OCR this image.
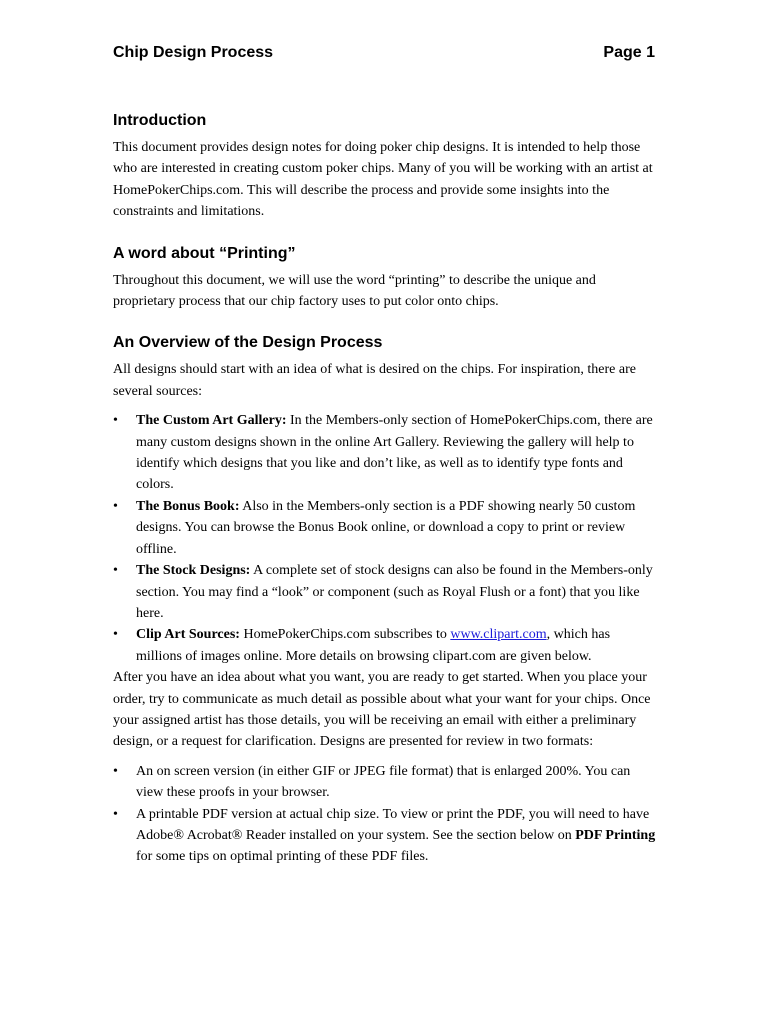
Chip Design Process	Page 1
Introduction

This document provides design notes for doing poker chip designs. It is intended to help those who are interested in creating custom poker chips. Many of you will be working with an artist at HomePokerChips.com. This will describe the process and provide some insights into the constraints and limitations.

A word about “Printing”

Throughout this document, we will use the word “printing” to describe the unique and proprietary process that our chip factory uses to put color onto chips.

An Overview of the Design Process

All designs should start with an idea of what is desired on the chips. For inspiration, there are several sources:

• The Custom Art Gallery: In the Members-only section of HomePokerChips.com, there are many custom designs shown in the online Art Gallery. Reviewing the gallery will help to identify which designs that you like and don’t like, as well as to identify type fonts and colors.
• The Bonus Book: Also in the Members-only section is a PDF showing nearly 50 custom designs. You can browse the Bonus Book online, or download a copy to print or review offline.
• The Stock Designs: A complete set of stock designs can also be found in the Members-only section. You may find a “look” or component (such as Royal Flush or a font) that you like here.
• Clip Art Sources: HomePokerChips.com subscribes to www.clipart.com, which has millions of images online. More details on browsing clipart.com are given below.

After you have an idea about what you want, you are ready to get started. When you place your order, try to communicate as much detail as possible about what your want for your chips. Once your assigned artist has those details, you will be receiving an email with either a preliminary design, or a request for clarification. Designs are presented for review in two formats:

• An on screen version (in either GIF or JPEG file format) that is enlarged 200%. You can view these proofs in your browser.
• A printable PDF version at actual chip size. To view or print the PDF, you will need to have Adobe® Acrobat® Reader installed on your system. See the section below on PDF Printing for some tips on optimal printing of these PDF files.
